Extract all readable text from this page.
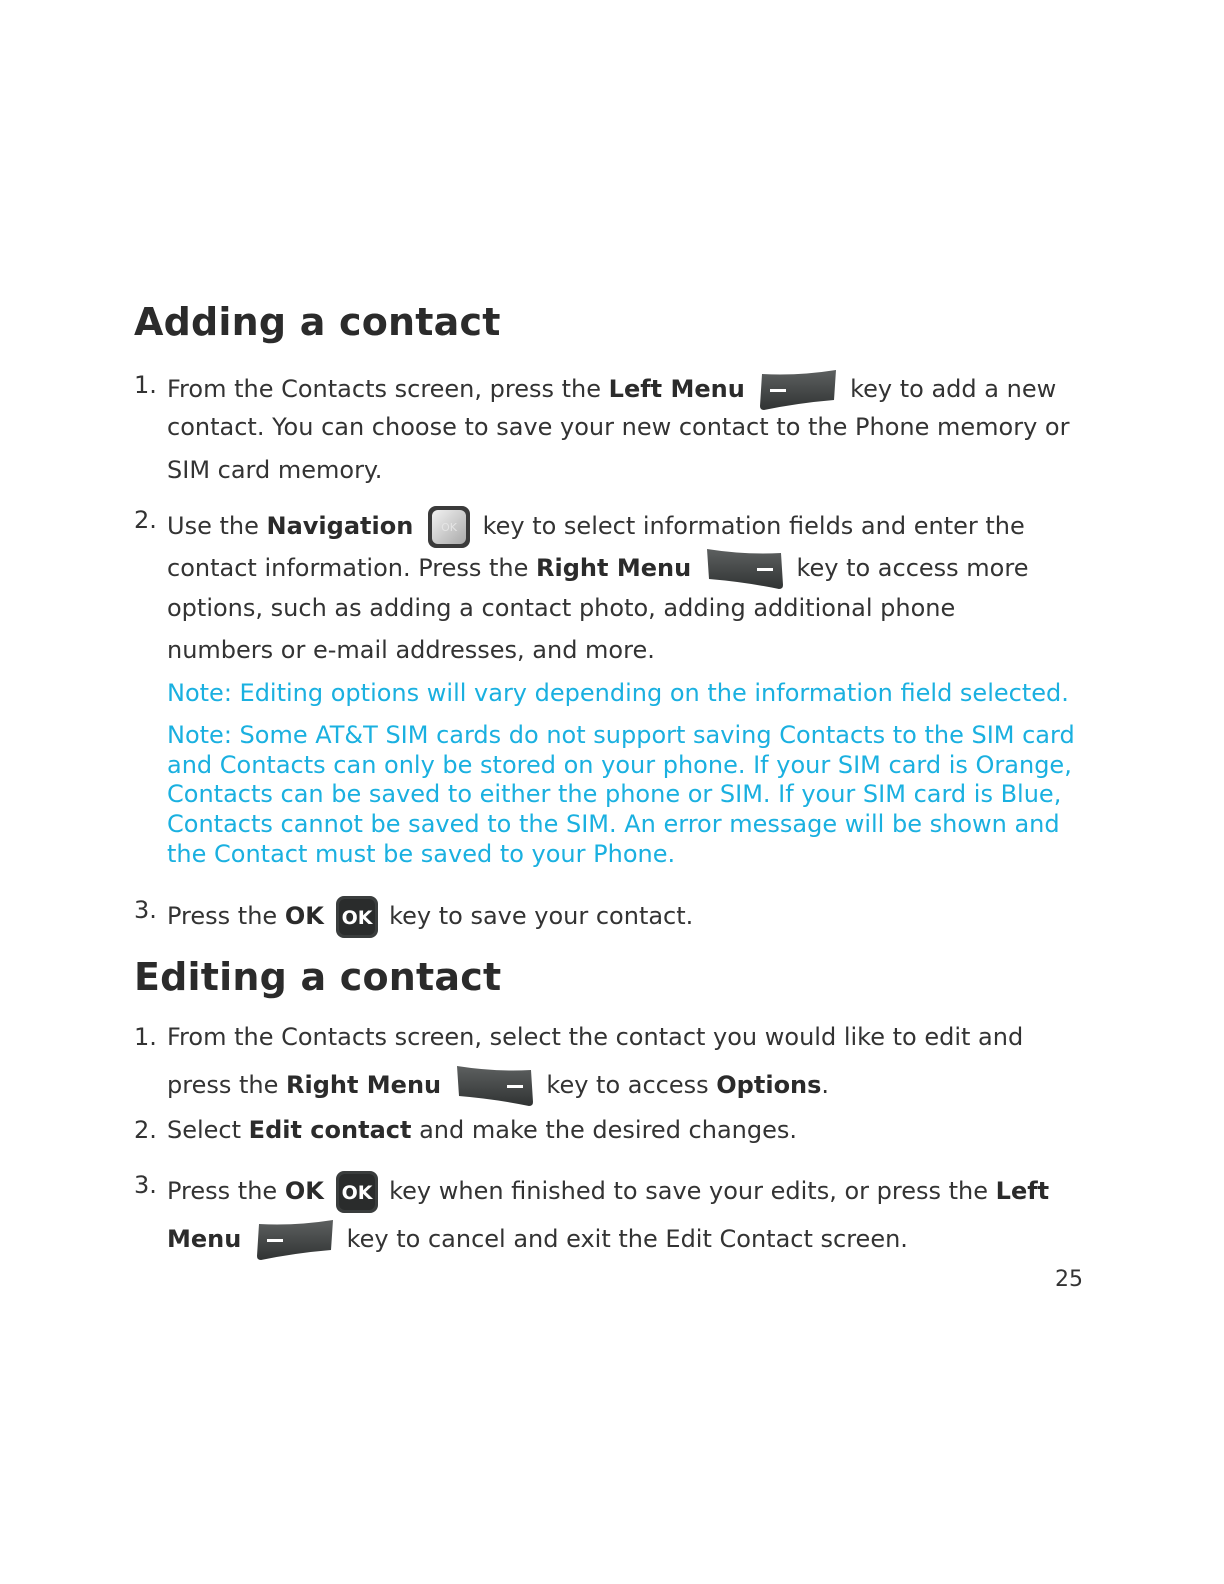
Adding a contact
1. From the Contacts screen, press the Left Menu	key to add a new

contact. You can choose to save your new contact to the Phone memory or

SIM card memory.

2. Use the Navigation	OK key to select information fields and enter the

contact information. Press the Right Menu	key to access more

options, such as adding a contact photo, adding additional phone

numbers or e-mail addresses, and more.

Note: Editing options will vary depending on the information field selected.

Note: Some AT&T SIM cards do not support saving Contacts to the SIM card
and Contacts can only be stored on your phone. If your SIM card is Orange,
Contacts can be saved to either the phone or SIM. If your SIM card is Blue,
Contacts cannot be saved to the SIM. An error message will be shown and
the Contact must be saved to your Phone.
3. Press the OK OK key to save your contact.

Editing a contact
1. From the Contacts screen, select the contact you would like to edit and

press the Right Menu	key to access Options.

2. Select Edit contact and make the desired changes.

3. Press the OK OK key when finished to save your edits, or press the Left

Menu	key to cancel and exit the Edit Contact screen.

25
